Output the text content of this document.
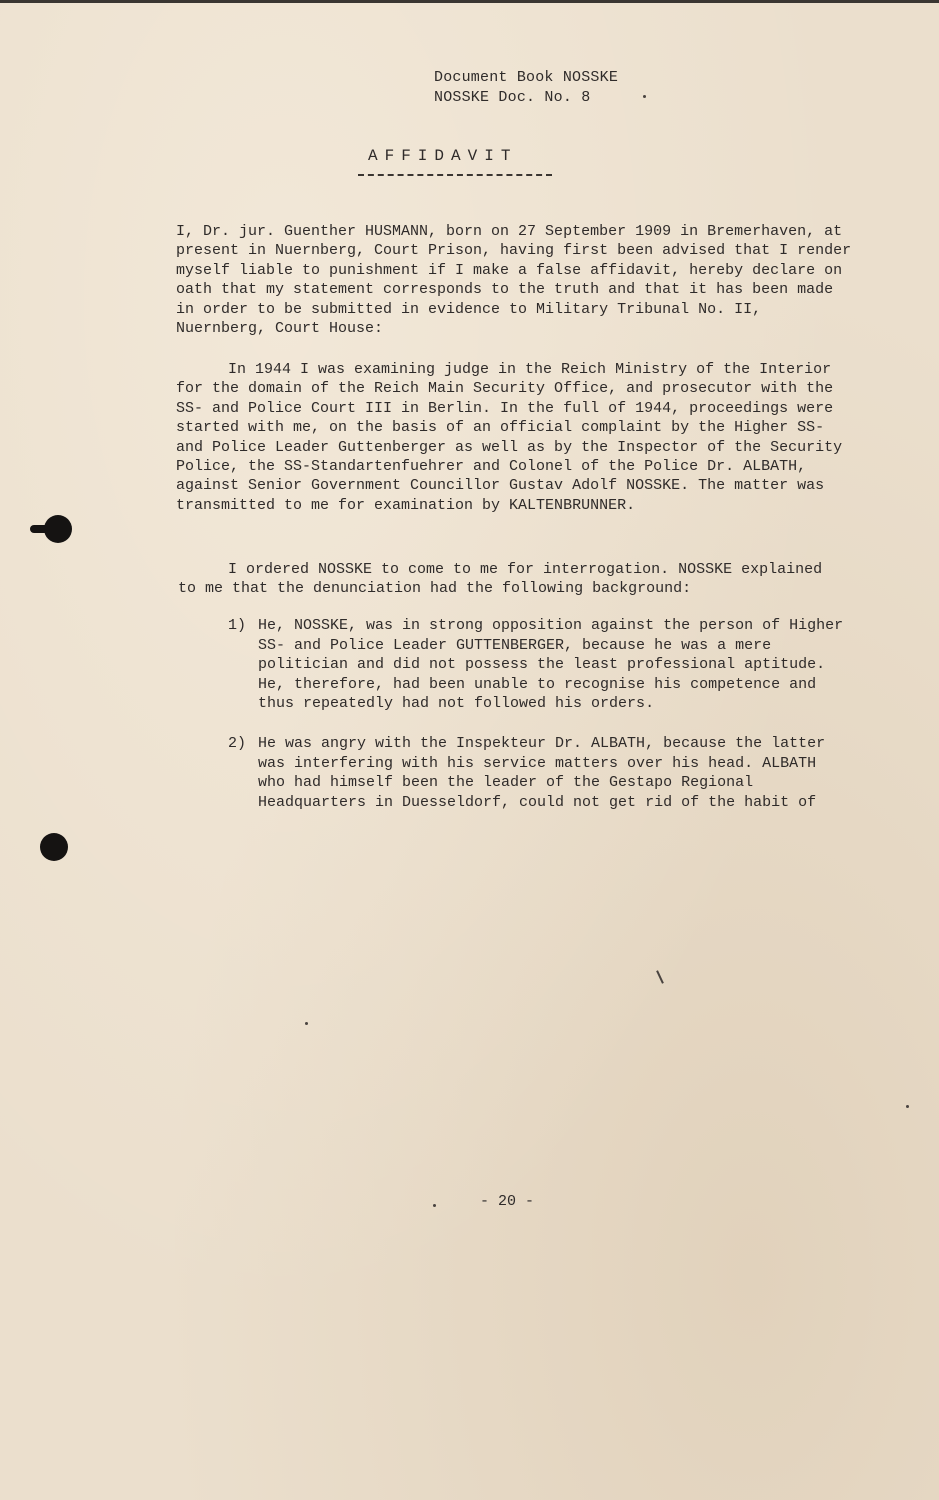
Document Book NOSSKE
NOSSKE Doc. No. 8
AFFIDAVIT

I, Dr. jur. Guenther HUSMANN, born on 27 September 1909 in Bremerhaven, at present in Nuernberg, Court Prison, having first been advised that I render myself liable to punishment if I make a false affidavit, hereby declare on oath that my statement corresponds to the truth and that it has been made in order to be submitted in evidence to Military Tribunal No. II, Nuernberg, Court House:

In 1944 I was examining judge in the Reich Ministry of the Interior for the domain of the Reich Main Security Office, and prosecutor with the SS- and Police Court III in Berlin. In the full of 1944, proceedings were started with me, on the basis of an official complaint by the Higher SS- and Police Leader Guttenberger as well as by the Inspector of the Security Police, the SS-Standartenfuehrer and Colonel of the Police Dr. ALBATH, against Senior Government Councillor Gustav Adolf NOSSKE. The matter was transmitted to me for examination by KALTENBRUNNER.

I ordered NOSSKE to come to me for interrogation. NOSSKE explained to me that the denunciation had the following background:

1) He, NOSSKE, was in strong opposition against the person of Higher SS- and Police Leader GUTTENBERGER, because he was a mere politician and did not possess the least professional aptitude. He, therefore, had been unable to recognise his competence and thus repeatedly had not followed his orders.
2) He was angry with the Inspekteur Dr. ALBATH, because the latter was interfering with his service matters over his head. ALBATH who had himself been the leader of the Gestapo Regional Headquarters in Duesseldorf, could not get rid of the habit of
- 20 -
